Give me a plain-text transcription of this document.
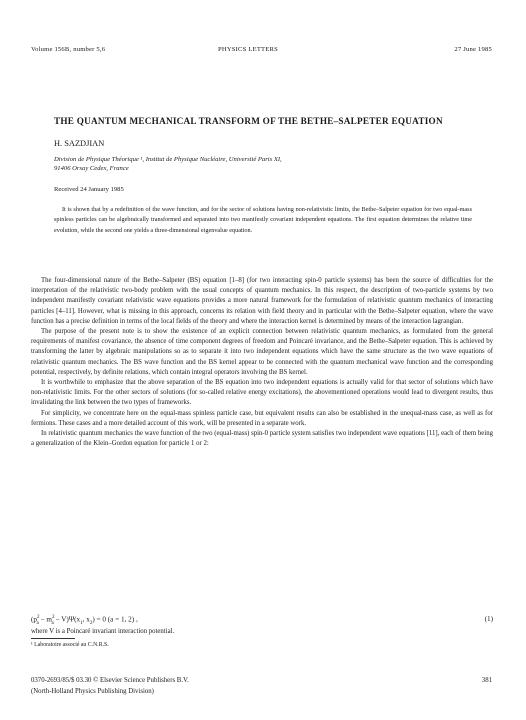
Volume 156B, number 5,6	PHYSICS LETTERS	27 June 1985
THE QUANTUM MECHANICAL TRANSFORM OF THE BETHE–SALPETER EQUATION
H. SAZDJIAN
Division de Physique Théorique ¹, Institut de Physique Nucléaire, Université Paris XI,
91406 Orsay Cedex, France
Received 24 January 1985
It is shown that by a redefinition of the wave function, and for the sector of solutions having non-relativistic limits, the Bethe–Salpeter equation for two equal-mass spinless particles can be algebraically transformed and separated into two manifestly covariant independent equations. The first equation determines the relative time evolution, while the second one yields a three-dimensional eigenvalue equation.

The four-dimensional nature of the Bethe–Salpeter (BS) equation [1–8] (for two interacting spin-0 particle systems) has been the source of difficulties for the interpretation of the relativistic two-body problem with the usual concepts of quantum mechanics. In this respect, the description of two-particle systems by two independent manifestly covariant relativistic wave equations provides a more natural framework for the formulation of relativistic quantum mechanics of interacting particles [4–11]. However, what is missing in this approach, concerns its relation with field theory and in particular with the Bethe–Salpeter equation, where the wave function has a precise definition in terms of the local fields of the theory and where the interaction kernel is determined by means of the interaction lagrangian.

The purpose of the present note is to show the existence of an explicit connection between relativistic quantum mechanics, as formulated from the general requirements of manifest covariance, the absence of time component degrees of freedom and Poincaré invariance, and the Bethe–Salpeter equation. This is achieved by transforming the latter by algebraic manipulations so as to separate it into two independent equations which have the same structure as the two wave equations of relativistic quantum mechanics. The BS wave function and the BS kernel appear to be connected with the quantum mechanical wave function and the corresponding potential, respectively, by definite relations, which contain integral operators involving the BS kernel.

It is worthwhile to emphasize that the above separation of the BS equation into two independent equations is actually valid for that sector of solutions which have non-relativistic limits. For the other sectors of solutions (for so-called relative energy excitations), the abovementioned operations would lead to divergent results, thus invalidating the link between the two types of frameworks.

For simplicity, we concentrate here on the equal-mass spinless particle case, but equivalent results can also be established in the unequal-mass case, as well as for fermions. These cases and a more detailed account of this work, will be presented in a separate work.

In relativistic quantum mechanics the wave function of the two (equal-mass) spin-0 particle system satisfies two independent wave equations [11], each of them being a generalization of the Klein–Gordon equation for particle 1 or 2:

$(p^2_a - m^2_a - V)\Psi(x_1$, $x_2) = 0$ (a = 1, 2) ,	(1)
where V is a Poincaré invariant interaction potential.
¹ Laboratoire associé au C.N.R.S.
0370-2693/85/$ 03.30 © Elsevier Science Publishers B.V.
(North-Holland Physics Publishing Division)
381
